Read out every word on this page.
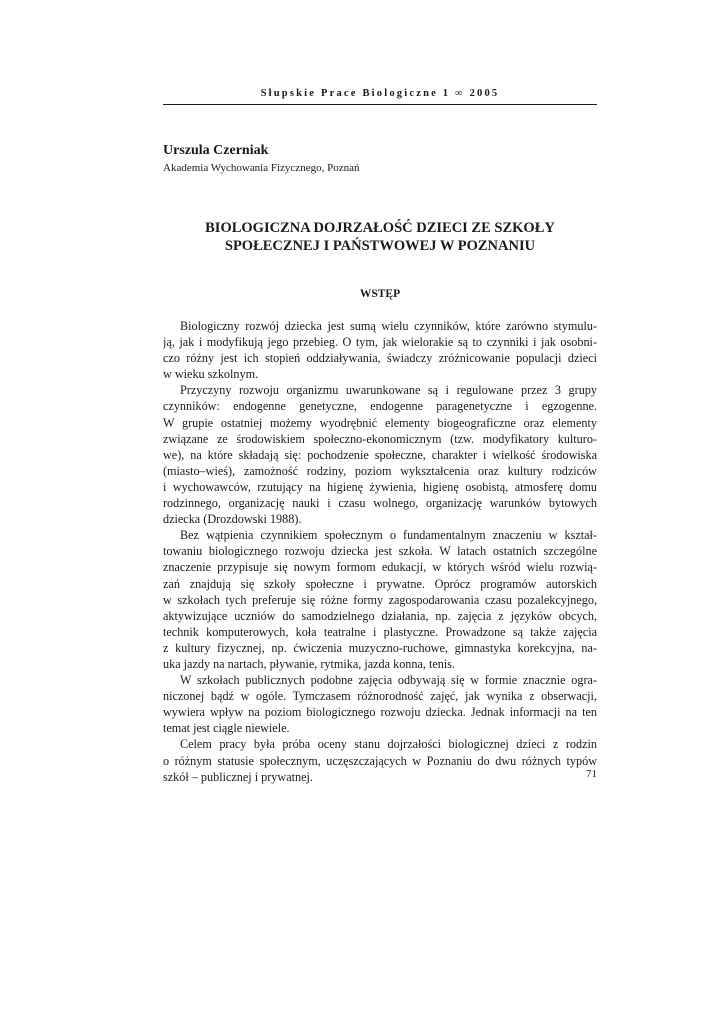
Słupskie Prace Biologiczne 1 ∞ 2005
Urszula Czerniak
Akademia Wychowania Fizycznego, Poznań
BIOLOGICZNA DOJRZAŁOŚĆ DZIECI ZE SZKOŁY
SPOŁECZNEJ I PAŃSTWOWEJ W POZNANIU
WSTĘP
Biologiczny rozwój dziecka jest sumą wielu czynników, które zarówno stymulu-
ją, jak i modyfikują jego przebieg. O tym, jak wielorakie są to czynniki i jak osobni-
czo różny jest ich stopień oddziaływania, świadczy zróżnicowanie populacji dzieci
w wieku szkolnym.
Przyczyny rozwoju organizmu uwarunkowane są i regulowane przez 3 grupy
czynników: endogenne genetyczne, endogenne paragenetyczne i egzogenne.
W grupie ostatniej możemy wyodrębnić elementy biogeograficzne oraz elementy
związane ze środowiskiem społeczno-ekonomicznym (tzw. modyfikatory kulturo-
we), na które składają się: pochodzenie społeczne, charakter i wielkość środowiska
(miasto–wieś), zamożność rodziny, poziom wykształcenia oraz kultury rodziców
i wychowawców, rzutujący na higienę żywienia, higienę osobistą, atmosferę domu
rodzinnego, organizację nauki i czasu wolnego, organizację warunków bytowych
dziecka (Drozdowski 1988).
Bez wątpienia czynnikiem społecznym o fundamentalnym znaczeniu w kształ-
towaniu biologicznego rozwoju dziecka jest szkoła. W latach ostatnich szczególne
znaczenie przypisuje się nowym formom edukacji, w których wśród wielu rozwią-
zań znajdują się szkoły społeczne i prywatne. Oprócz programów autorskich
w szkołach tych preferuje się różne formy zagospodarowania czasu pozalekcyjnego,
aktywizujące uczniów do samodzielnego działania, np. zajęcia z języków obcych,
technik komputerowych, koła teatralne i plastyczne. Prowadzone są także zajęcia
z kultury fizycznej, np. ćwiczenia muzyczno-ruchowe, gimnastyka korekcyjna, na-
uka jazdy na nartach, pływanie, rytmika, jazda konna, tenis.
W szkołach publicznych podobne zajęcia odbywają się w formie znacznie ogra-
niczonej bądź w ogóle. Tymczasem różnorodność zajęć, jak wynika z obserwacji,
wywiera wpływ na poziom biologicznego rozwoju dziecka. Jednak informacji na ten
temat jest ciągle niewiele.
Celem pracy była próba oceny stanu dojrzałości biologicznej dzieci z rodzin
o różnym statusie społecznym, uczęszczających w Poznaniu do dwu różnych typów
szkół – publicznej i prywatnej.	71
